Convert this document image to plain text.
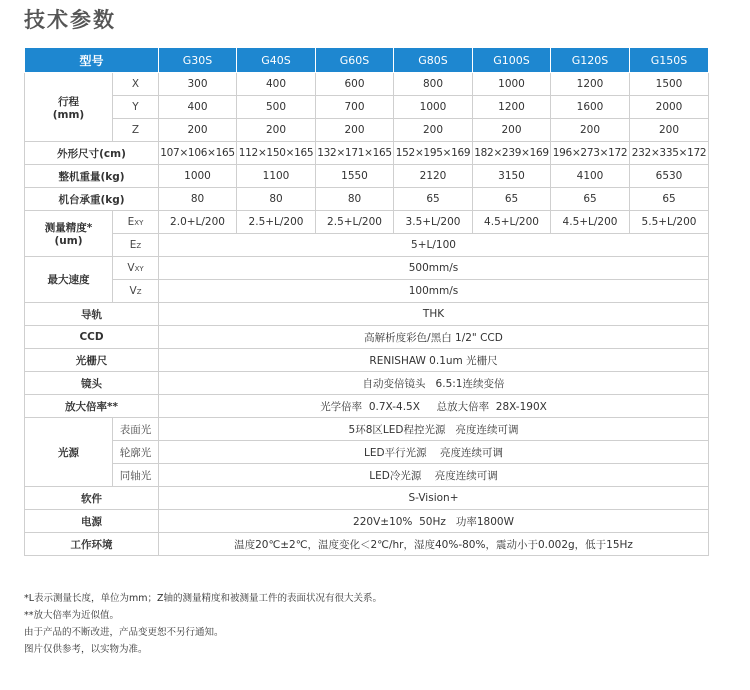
技术参数
型号		G30S	G40S	G60S	G80S	G100S	G120S	G150S

行程
(mm)	X	300	400	600	800	1000	1200	1500
	Y	400	500	700	1000	1200	1600	2000
	Z	200	200	200	200	200	200	200
外形尺寸(cm)		107×106×165	112×150×165	132×171×165	152×195×169	182×239×169	196×273×172	232×335×172
整机重量(kg)		1000	1100	1550	2120	3150	4100	6530
机台承重(kg)		80	80	80	65	65	65	65

测量精度*
(um)	EXY	2.0+L/200	2.5+L/200	2.5+L/200	3.5+L/200	4.5+L/200	4.5+L/200	5.5+L/200
	EZ	5+L/100						
最大速度	VXY	500mm/s						
	VZ	100mm/s						
导轨		THK						
CCD		高解析度彩色/黑白 1/2" CCD						
光栅尺		RENISHAW 0.1um 光栅尺						
镜头		自动变倍镜头   6.5:1连续变倍						
放大倍率**		光学倍率  0.7X-4.5X     总放大倍率  28X-190X						
光源	表面光	5环8区LED程控光源   亮度连续可调						
	轮廓光	LED平行光源    亮度连续可调						
	同轴光	LED冷光源    亮度连续可调						
软件		S-Vision+						
电源		220V±10%  50Hz   功率1800W						
工作环境		温度20℃±2℃，温度变化＜2℃/hr，湿度40%-80%，震动小于0.002g，低于15Hz						
*L表示测量长度，单位为mm；Z轴的测量精度和被测量工件的表面状况有很大关系。
**放大倍率为近似值。
由于产品的不断改进，产品变更恕不另行通知。
图片仅供参考，以实物为准。
